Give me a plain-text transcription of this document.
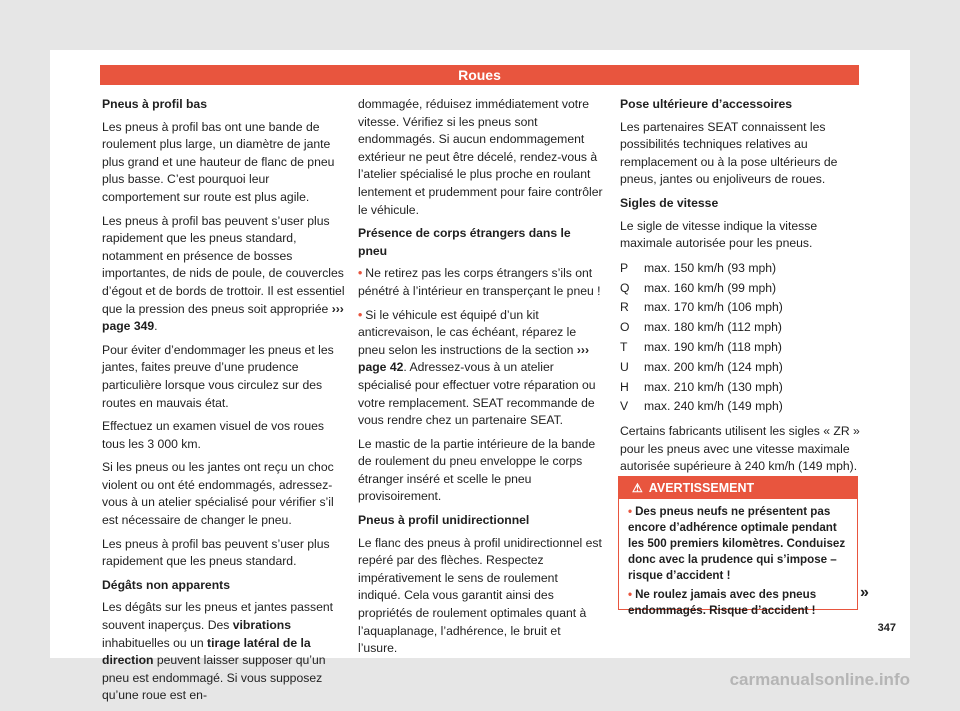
Roues
Pneus à profil bas

Les pneus à profil bas ont une bande de roulement plus large, un diamètre de jante plus grand et une hauteur de flanc de pneu plus basse. C’est pourquoi leur comportement sur route est plus agile.

Les pneus à profil bas peuvent s’user plus rapidement que les pneus standard, notamment en présence de bosses importantes, de nids de poule, de couvercles d’égout et de bords de trottoir. Il est essentiel que la pression des pneus soit appropriée ››› page 349.

Pour éviter d’endommager les pneus et les jantes, faites preuve d’une prudence particulière lorsque vous circulez sur des routes en mauvais état.

Effectuez un examen visuel de vos roues tous les 3 000 km.

Si les pneus ou les jantes ont reçu un choc violent ou ont été endommagés, adressez-vous à un atelier spécialisé pour vérifier s’il est nécessaire de changer le pneu.

Les pneus à profil bas peuvent s’user plus rapidement que les pneus standard.

Dégâts non apparents

Les dégâts sur les pneus et jantes passent souvent inaperçus. Des vibrations inhabituelles ou un tirage latéral de la direction peuvent laisser supposer qu’un pneu est endommagé. Si vous supposez qu’une roue est en-

dommagée, réduisez immédiatement votre vitesse. Vérifiez si les pneus sont endommagés. Si aucun endommagement extérieur ne peut être décelé, rendez-vous à l’atelier spécialisé le plus proche en roulant lentement et prudemment pour faire contrôler le véhicule.

Présence de corps étrangers dans le pneu

• Ne retirez pas les corps étrangers s’ils ont pénétré à l’intérieur en transperçant le pneu !

• Si le véhicule est équipé d’un kit anticrevaison, le cas échéant, réparez le pneu selon les instructions de la section ››› page 42. Adressez-vous à un atelier spécialisé pour effectuer votre réparation ou votre remplacement. SEAT recommande de vous rendre chez un partenaire SEAT.

Le mastic de la partie intérieure de la bande de roulement du pneu enveloppe le corps étranger inséré et scelle le pneu provisoirement.

Pneus à profil unidirectionnel

Le flanc des pneus à profil unidirectionnel est repéré par des flèches. Respectez impérativement le sens de roulement indiqué. Cela vous garantit ainsi des propriétés de roulement optimales quant à l’aquaplanage, l’adhérence, le bruit et l’usure.

Pose ultérieure d’accessoires

Les partenaires SEAT connaissent les possibilités techniques relatives au remplacement ou à la pose ultérieurs de pneus, jantes ou enjoliveurs de roues.

Sigles de vitesse

Le sigle de vitesse indique la vitesse maximale autorisée pour les pneus.

P	max. 150 km/h (93 mph)
Q	max. 160 km/h (99 mph)
R	max. 170 km/h (106 mph)
O	max. 180 km/h (112 mph)
T	max. 190 km/h (118 mph)
U	max. 200 km/h (124 mph)
H	max. 210 km/h (130 mph)
V	max. 240 km/h (149 mph)

Certains fabricants utilisent les sigles « ZR » pour les pneus avec une vitesse maximale autorisée supérieure à 240 km/h (149 mph).

⚠ AVERTISSEMENT

• Des pneus neufs ne présentent pas encore d’adhérence optimale pendant les 500 premiers kilomètres. Conduisez donc avec la prudence qui s’impose – risque d’accident !

• Ne roulez jamais avec des pneus endommagés. Risque d’accident !

»
347
carmanualsonline.info
